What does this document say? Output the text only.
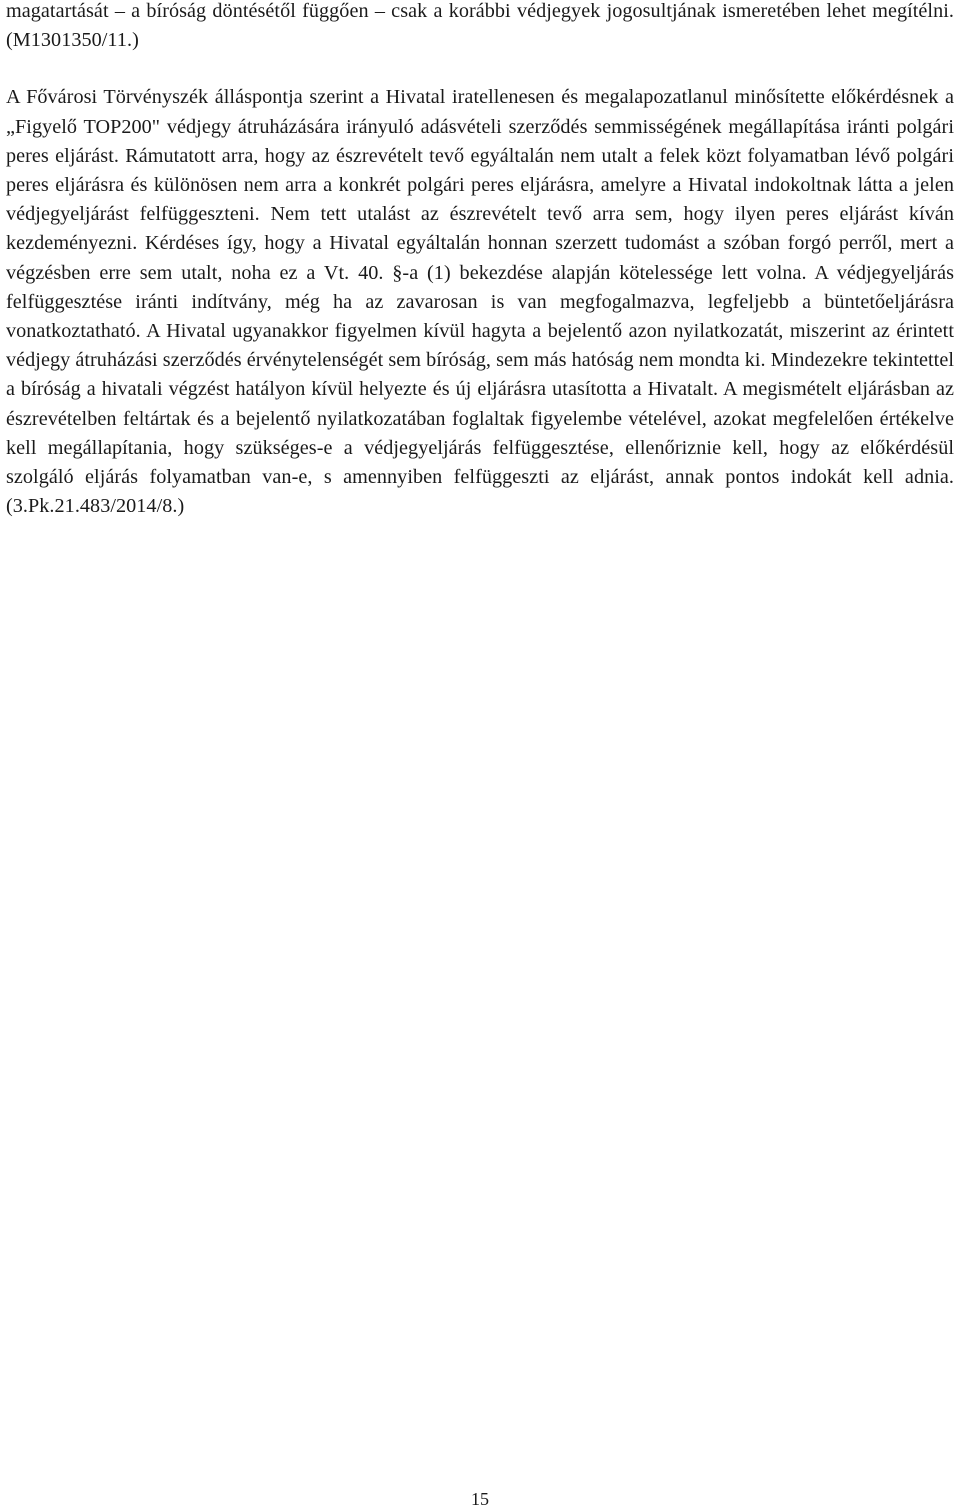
magatartását – a bíróság döntésétől függően – csak a korábbi védjegyek jogosultjának ismeretében lehet megítélni. (M1301350/11.)

A Fővárosi Törvényszék álláspontja szerint a Hivatal iratellenesen és megalapozatlanul minősítette előkérdésnek a „Figyelő TOP200" védjegy átruházására irányuló adásvételi szerződés semmisségének megállapítása iránti polgári peres eljárást. Rámutatott arra, hogy az észrevételt tevő egyáltalán nem utalt a felek közt folyamatban lévő polgári peres eljárásra és különösen nem arra a konkrét polgári peres eljárásra, amelyre a Hivatal indokoltnak látta a jelen védjegyeljárást felfüggeszteni. Nem tett utalást az észrevételt tevő arra sem, hogy ilyen peres eljárást kíván kezdeményezni. Kérdéses így, hogy a Hivatal egyáltalán honnan szerzett tudomást a szóban forgó perről, mert a végzésben erre sem utalt, noha ez a Vt. 40. §-a (1) bekezdése alapján kötelessége lett volna. A védjegyeljárás felfüggesztése iránti indítvány, még ha az zavarosan is van megfogalmazva, legfeljebb a büntetőeljárásra vonatkoztatható. A Hivatal ugyanakkor figyelmen kívül hagyta a bejelentő azon nyilatkozatát, miszerint az érintett védjegy átruházási szerződés érvénytelenségét sem bíróság, sem más hatóság nem mondta ki. Mindezekre tekintettel a bíróság a hivatali végzést hatályon kívül helyezte és új eljárásra utasította a Hivatalt. A megismételt eljárásban az észrevételben feltártak és a bejelentő nyilatkozatában foglaltak figyelembe vételével, azokat megfelelően értékelve kell megállapítania, hogy szükséges-e a védjegyeljárás felfüggesztése, ellenőriznie kell, hogy az előkérdésül szolgáló eljárás folyamatban van-e, s amennyiben felfüggeszti az eljárást, annak pontos indokát kell adnia. (3.Pk.21.483/2014/8.)

15
